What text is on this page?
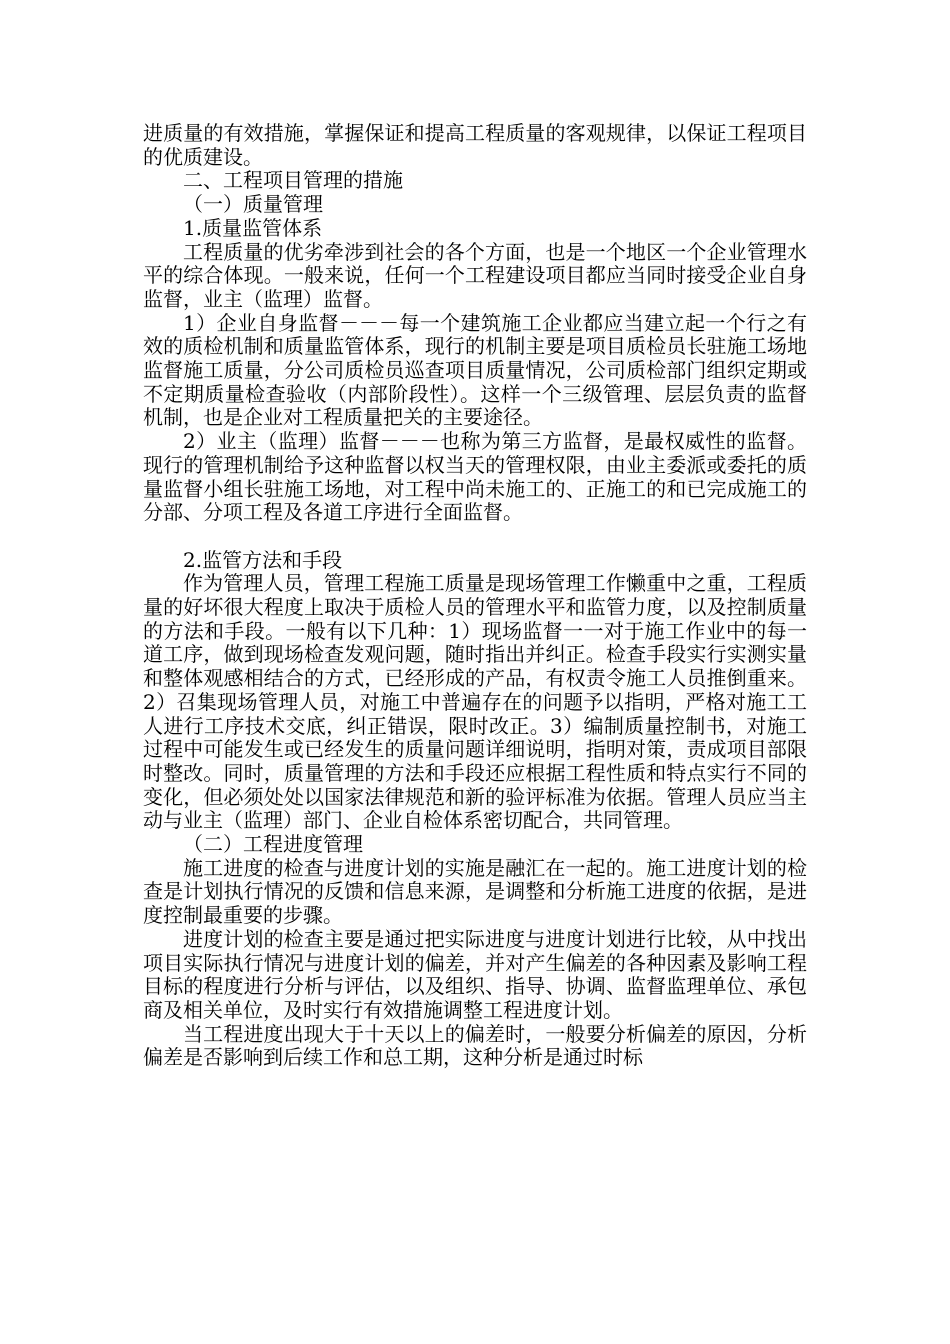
进质量的有效措施，掌握保证和提高工程质量的客观规律，以保证工程项目的优质建设。

二、工程项目管理的措施

（一）质量管理

1.质量监管体系

工程质量的优劣牵涉到社会的各个方面，也是一个地区一个企业管理水平的综合体现。一般来说，任何一个工程建设项目都应当同时接受企业自身监督，业主（监理）监督。

1）企业自身监督－－－每一个建筑施工企业都应当建立起一个行之有效的质检机制和质量监管体系，现行的机制主要是项目质检员长驻施工场地监督施工质量，分公司质检员巡查项目质量情况，公司质检部门组织定期或不定期质量检查验收（内部阶段性）。这样一个三级管理、层层负责的监督机制，也是企业对工程质量把关的主要途径。

2）业主（监理）监督－－－也称为第三方监督，是最权威性的监督。现行的管理机制给予这种监督以权当天的管理权限，由业主委派或委托的质量监督小组长驻施工场地，对工程中尚未施工的、正施工的和已完成施工的分部、分项工程及各道工序进行全面监督。

2.监管方法和手段

作为管理人员，管理工程施工质量是现场管理工作懒重中之重，工程质量的好坏很大程度上取决于质检人员的管理水平和监管力度，以及控制质量的方法和手段。一般有以下几种：1）现场监督一一对于施工作业中的每一道工序，做到现场检查发观问题，随时指出并纠正。检查手段实行实测实量和整体观感相结合的方式，已经形成的产品，有权责令施工人员推倒重来。2）召集现场管理人员，对施工中普遍存在的问题予以指明，严格对施工工人进行工序技术交底，纠正错误，限时改正。3）编制质量控制书，对施工过程中可能发生或已经发生的质量问题详细说明，指明对策，责成项目部限时整改。同时，质量管理的方法和手段还应根据工程性质和特点实行不同的变化，但必须处处以国家法律规范和新的验评标准为依据。管理人员应当主动与业主（监理）部门、企业自检体系密切配合，共同管理。

（二）工程进度管理

施工进度的检查与进度计划的实施是融汇在一起的。施工进度计划的检查是计划执行情况的反馈和信息来源，是调整和分析施工进度的依据，是进度控制最重要的步骤。

进度计划的检查主要是通过把实际进度与进度计划进行比较，从中找出项目实际执行情况与进度计划的偏差，并对产生偏差的各种因素及影响工程目标的程度进行分析与评估，以及组织、指导、协调、监督监理单位、承包商及相关单位，及时实行有效措施调整工程进度计划。

当工程进度出现大于十天以上的偏差时，一般要分析偏差的原因，分析偏差是否影响到后续工作和总工期，这种分析是通过时标
